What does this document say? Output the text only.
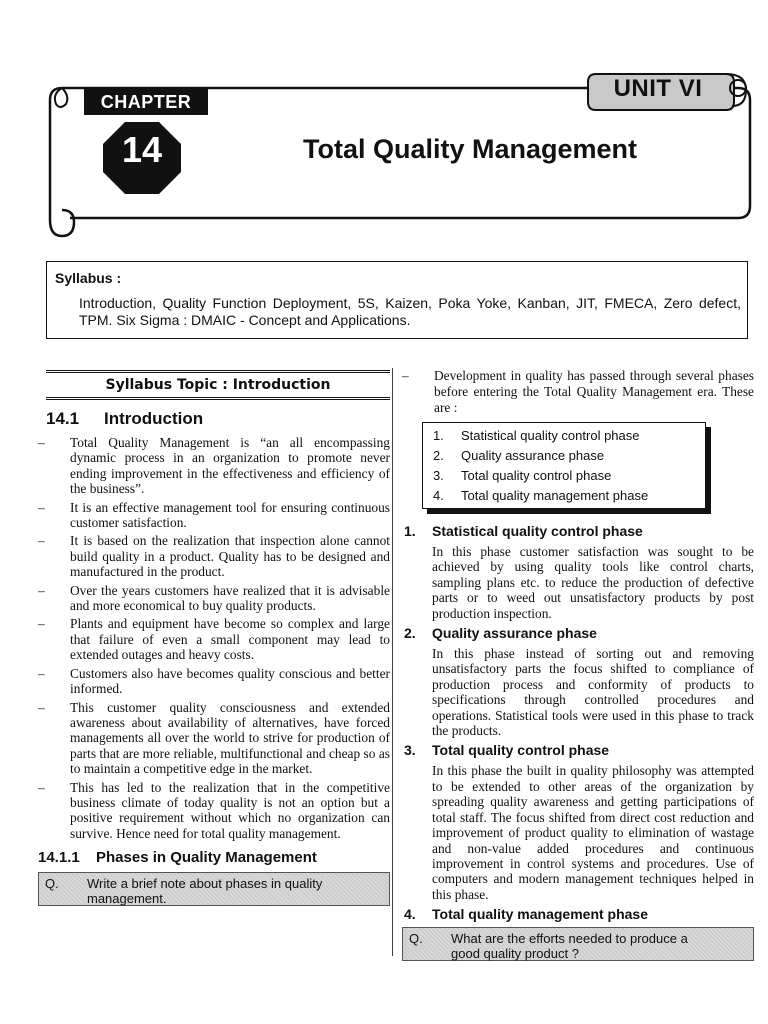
CHAPTER
14
UNIT VI
Total Quality Management
Syllabus :
Introduction, Quality Function Deployment, 5S, Kaizen, Poka Yoke, Kanban, JIT, FMECA, Zero defect, TPM. Six Sigma : DMAIC - Concept and Applications.
Syllabus Topic : Introduction
14.1 Introduction
– Total Quality Management is “an all encompassing dynamic process in an organization to promote never ending improvement in the effectiveness and efficiency of the business”.
– It is an effective management tool for ensuring continuous customer satisfaction.
– It is based on the realization that inspection alone cannot build quality in a product. Quality has to be designed and manufactured in the product.
– Over the years customers have realized that it is advisable and more economical to buy quality products.
– Plants and equipment have become so complex and large that failure of even a small component may lead to extended outages and heavy costs.
– Customers also have becomes quality conscious and better informed.
– This customer quality consciousness and extended awareness about availability of alternatives, have forced managements all over the world to strive for production of parts that are more reliable, multifunctional and cheap so as to maintain a competitive edge in the market.
– This has led to the realization that in the competitive business climate of today quality is not an option but a positive requirement without which no organization can survive. Hence need for total quality management.
14.1.1 Phases in Quality Management
Q. Write a brief note about phases in quality management.
– Development in quality has passed through several phases before entering the Total Quality Management era. These are :
1. Statistical quality control phase
2. Quality assurance phase
3. Total quality control phase
4. Total quality management phase
1. Statistical quality control phase
In this phase customer satisfaction was sought to be achieved by using quality tools like control charts, sampling plans etc. to reduce the production of defective parts or to weed out unsatisfactory products by post production inspection.
2. Quality assurance phase
In this phase instead of sorting out and removing unsatisfactory parts the focus shifted to compliance of production process and conformity of products to specifications through controlled procedures and operations. Statistical tools were used in this phase to track the products.
3. Total quality control phase
In this phase the built in quality philosophy was attempted to be extended to other areas of the organization by spreading quality awareness and getting participations of total staff. The focus shifted from direct cost reduction and improvement of product quality to elimination of wastage and non-value added procedures and continuous improvement in control systems and procedures. Use of computers and modern management techniques helped in this phase.
4. Total quality management phase
Q. What are the efforts needed to produce a good quality product ?
